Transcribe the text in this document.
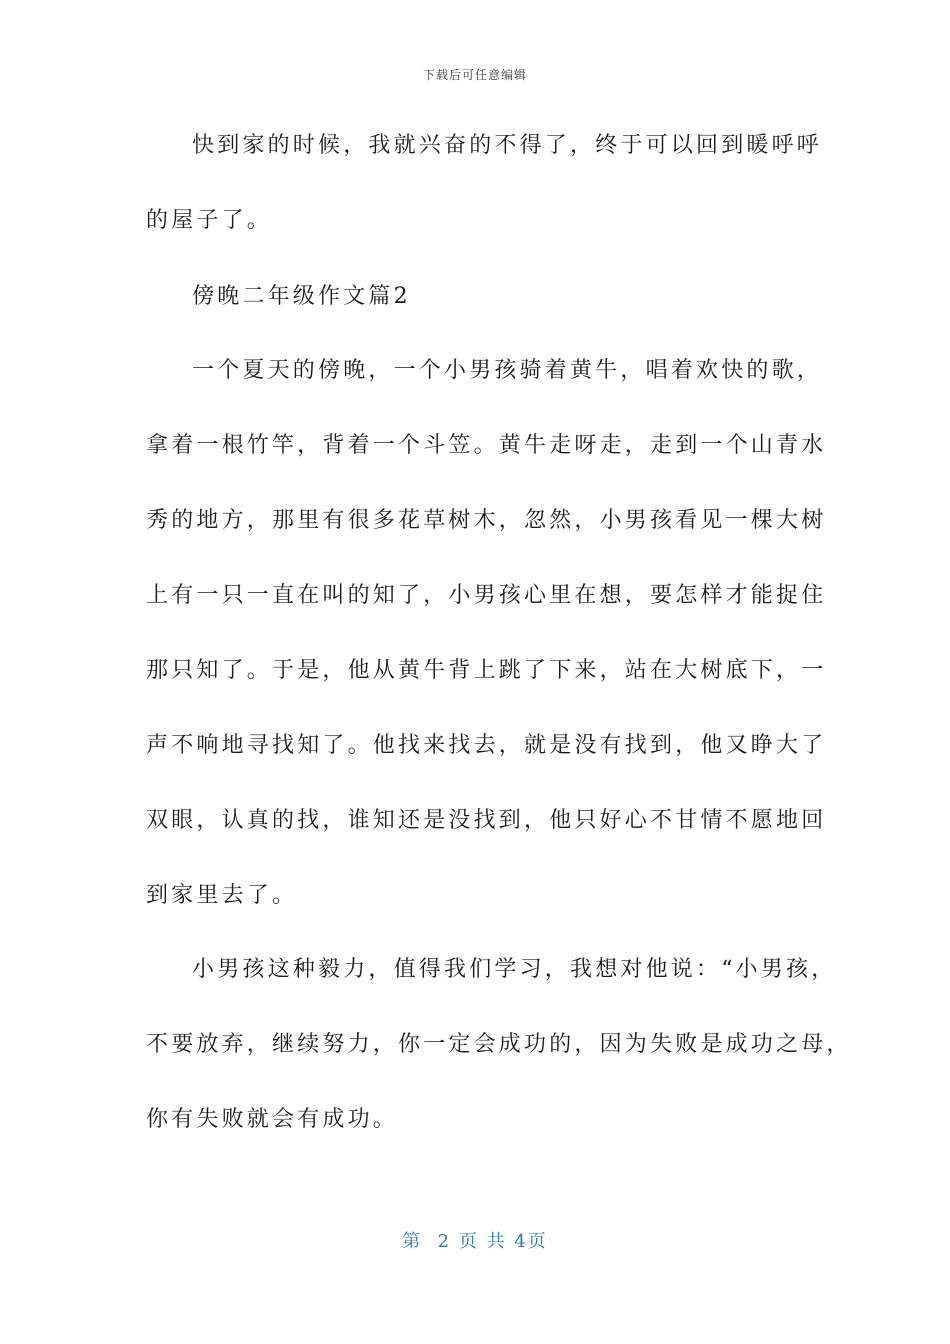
下载后可任意编辑
快到家的时候，我就兴奋的不得了，终于可以回到暖呼呼
的屋子了。
傍晚二年级作文篇2
一个夏天的傍晚，一个小男孩骑着黄牛，唱着欢快的歌，
拿着一根竹竿，背着一个斗笠。黄牛走呀走，走到一个山青水
秀的地方，那里有很多花草树木，忽然，小男孩看见一棵大树
上有一只一直在叫的知了，小男孩心里在想，要怎样才能捉住
那只知了。于是，他从黄牛背上跳了下来，站在大树底下，一
声不响地寻找知了。他找来找去，就是没有找到，他又睁大了
双眼，认真的找，谁知还是没找到，他只好心不甘情不愿地回
到家里去了。
小男孩这种毅力，值得我们学习，我想对他说：“小男孩，
不要放弃，继续努力，你一定会成功的，因为失败是成功之母，
你有失败就会有成功。
第  2 页 共 4页
